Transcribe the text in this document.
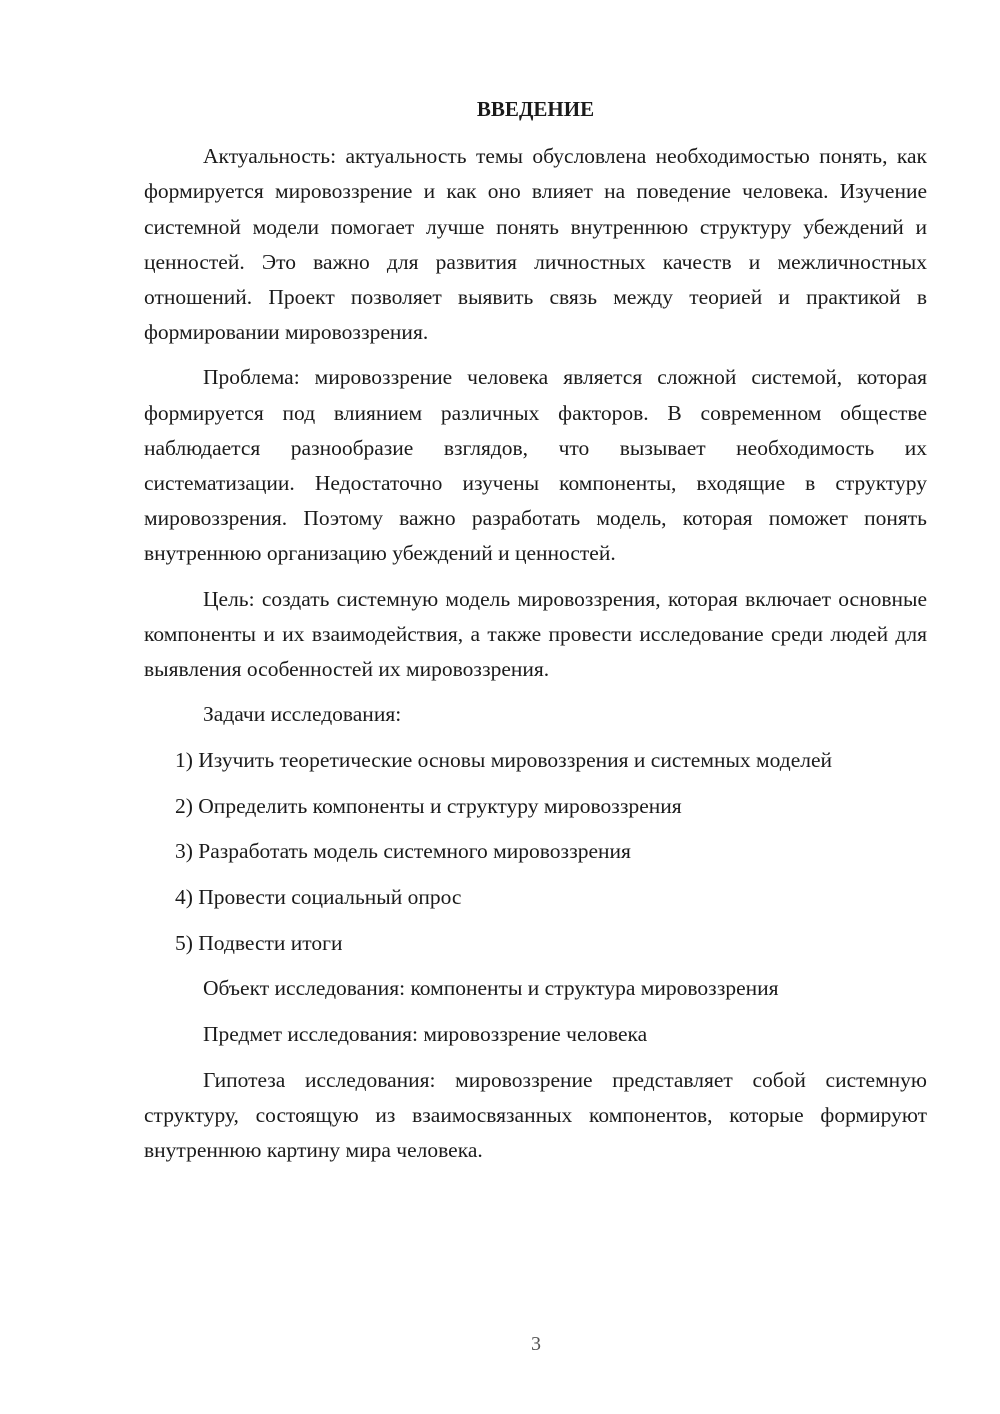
ВВЕДЕНИЕ

Актуальность: актуальность темы обусловлена необходимостью понять, как формируется мировоззрение и как оно влияет на поведение человека. Изучение системной модели помогает лучше понять внутреннюю структуру убеждений и ценностей. Это важно для развития личностных качеств и межличностных отношений. Проект позволяет выявить связь между теорией и практикой в формировании мировоззрения.

Проблема: мировоззрение человека является сложной системой, которая формируется под влиянием различных факторов. В современном обществе наблюдается разнообразие взглядов, что вызывает необходимость их систематизации. Недостаточно изучены компоненты, входящие в структуру мировоззрения. Поэтому важно разработать модель, которая поможет понять внутреннюю организацию убеждений и ценностей.

Цель: создать системную модель мировоззрения, которая включает основные компоненты и их взаимодействия, а также провести исследование среди людей для выявления особенностей их мировоззрения.

Задачи исследования:
1) Изучить теоретические основы мировоззрения и системных моделей
2) Определить компоненты и структуру мировоззрения
3) Разработать модель системного мировоззрения
4) Провести социальный опрос
5) Подвести итоги
Объект исследования: компоненты и структура мировоззрения
Предмет исследования: мировоззрение человека

Гипотеза исследования: мировоззрение представляет собой системную структуру, состоящую из взаимосвязанных компонентов, которые формируют внутреннюю картину мира человека.

3
